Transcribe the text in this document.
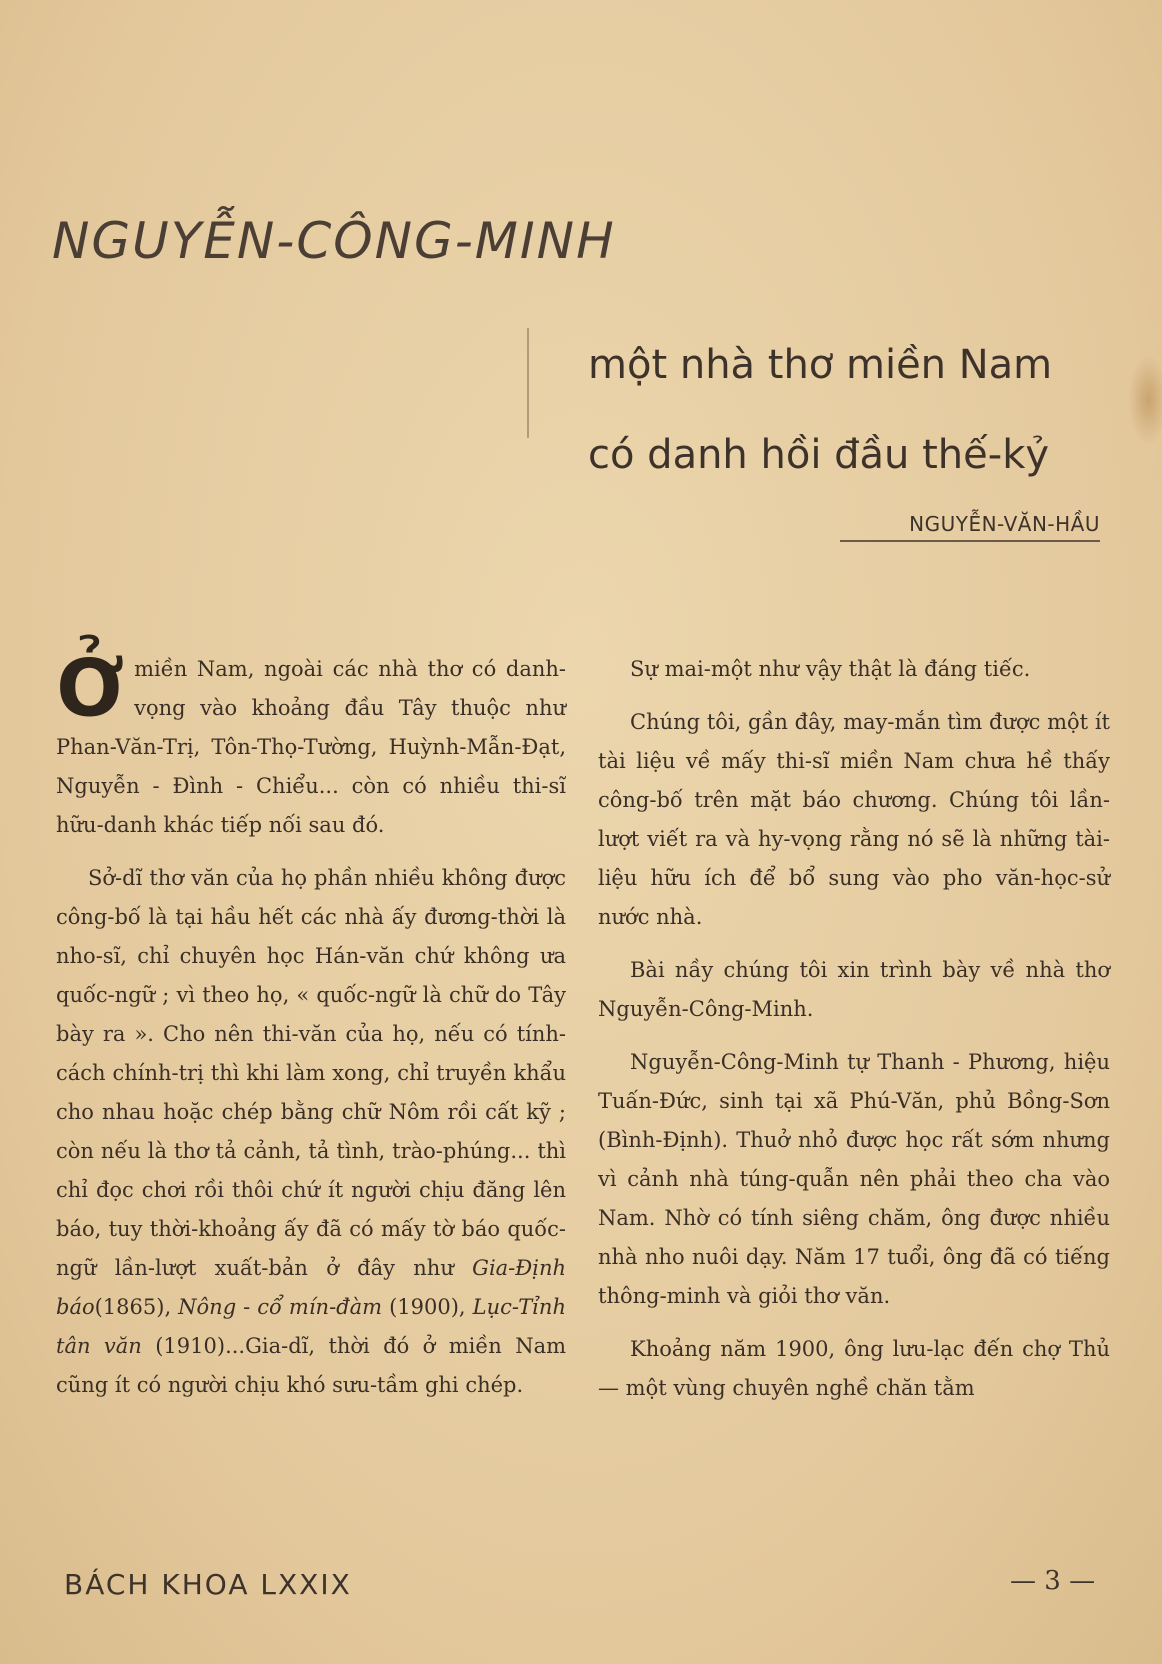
NGUYỄN-CÔNG-MINH
một nhà thơ miền Nam
có danh hồi đầu thế-kỷ
NGUYỄN-VĂN-HẦU

Ở miền Nam, ngoài các nhà thơ có danh-vọng vào khoảng đầu Tây thuộc như Phan-Văn-Trị, Tôn-Thọ-Tường, Huỳnh-Mẫn-Đạt, Nguyễn - Đình - Chiểu... còn có nhiều thi-sĩ hữu-danh khác tiếp nối sau đó.

Sở-dĩ thơ văn của họ phần nhiều không được công-bố là tại hầu hết các nhà ấy đương-thời là nho-sĩ, chỉ chuyên học Hán-văn chứ không ưa quốc-ngữ ; vì theo họ, « quốc-ngữ là chữ do Tây bày ra ». Cho nên thi-văn của họ, nếu có tính-cách chính-trị thì khi làm xong, chỉ truyền khẩu cho nhau hoặc chép bằng chữ Nôm rồi cất kỹ ; còn nếu là thơ tả cảnh, tả tình, trào-phúng... thì chỉ đọc chơi rồi thôi chứ ít người chịu đăng lên báo, tuy thời-khoảng ấy đã có mấy tờ báo quốc-ngữ lần-lượt xuất-bản ở đây như Gia-Định báo(1865), Nông - cổ mín-đàm (1900), Lục-Tỉnh tân văn (1910)...Gia-dĩ, thời đó ở miền Nam cũng ít có người chịu khó sưu-tầm ghi chép.

Sự mai-một như vậy thật là đáng tiếc.

Chúng tôi, gần đây, may-mắn tìm được một ít tài liệu về mấy thi-sĩ miền Nam chưa hề thấy công-bố trên mặt báo chương. Chúng tôi lần-lượt viết ra và hy-vọng rằng nó sẽ là những tài-liệu hữu ích để bổ sung vào pho văn-học-sử nước nhà.

Bài nầy chúng tôi xin trình bày về nhà thơ Nguyễn-Công-Minh.

Nguyễn-Công-Minh tự Thanh - Phương, hiệu Tuấn-Đức, sinh tại xã Phú-Văn, phủ Bồng-Sơn (Bình-Định). Thuở nhỏ được học rất sớm nhưng vì cảnh nhà túng-quẫn nên phải theo cha vào Nam. Nhờ có tính siêng chăm, ông được nhiều nhà nho nuôi dạy. Năm 17 tuổi, ông đã có tiếng thông-minh và giỏi thơ văn.

Khoảng năm 1900, ông lưu-lạc đến chợ Thủ — một vùng chuyên nghề chăn tằm

BÁCH KHOA LXXIX	— 3 —
